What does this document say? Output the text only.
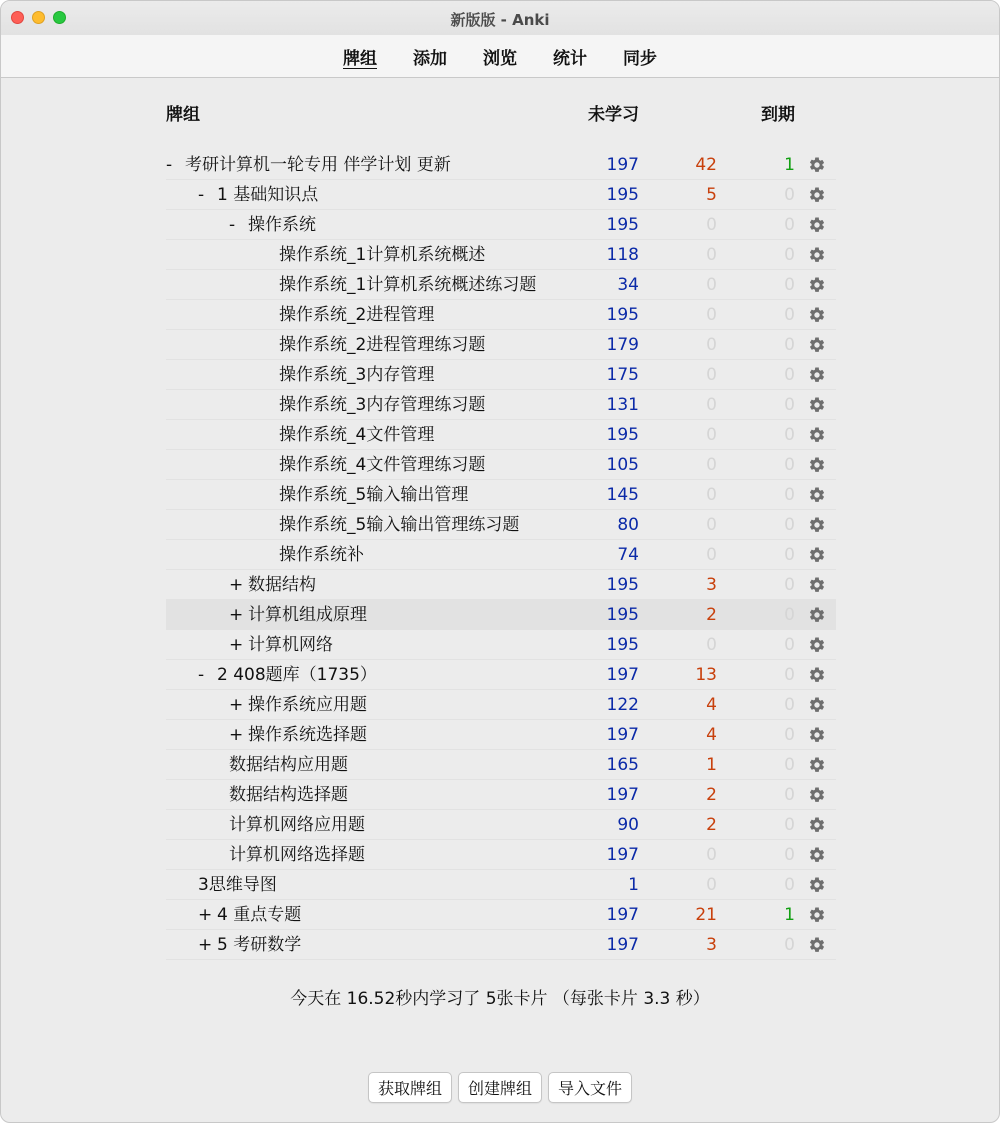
新版版 - Anki
牌组 添加 浏览 统计 同步
牌组	未学习	到期
- 考研计算机一轮专用 伴学计划 更新	197	42	1
- 1 基础知识点	195	5	0
- 操作系统	195	0	0
操作系统_1计算机系统概述	118	0	0
操作系统_1计算机系统概述练习题	34	0	0
操作系统_2进程管理	195	0	0
操作系统_2进程管理练习题	179	0	0
操作系统_3内存管理	175	0	0
操作系统_3内存管理练习题	131	0	0
操作系统_4文件管理	195	0	0
操作系统_4文件管理练习题	105	0	0
操作系统_5输入输出管理	145	0	0
操作系统_5输入输出管理练习题	80	0	0
操作系统补	74	0	0
+ 数据结构	195	3	0
+ 计算机组成原理	195	2	0
+ 计算机网络	195	0	0
- 2 408题库（1735）	197	13	0
+ 操作系统应用题	122	4	0
+ 操作系统选择题	197	4	0
数据结构应用题	165	1	0
数据结构选择题	197	2	0
计算机网络应用题	90	2	0
计算机网络选择题	197	0	0
3思维导图	1	0	0
+ 4 重点专题	197	21	1
+ 5 考研数学	197	3	0
今天在 16.52秒内学习了 5张卡片 （每张卡片 3.3 秒）
获取牌组	创建牌组	导入文件
